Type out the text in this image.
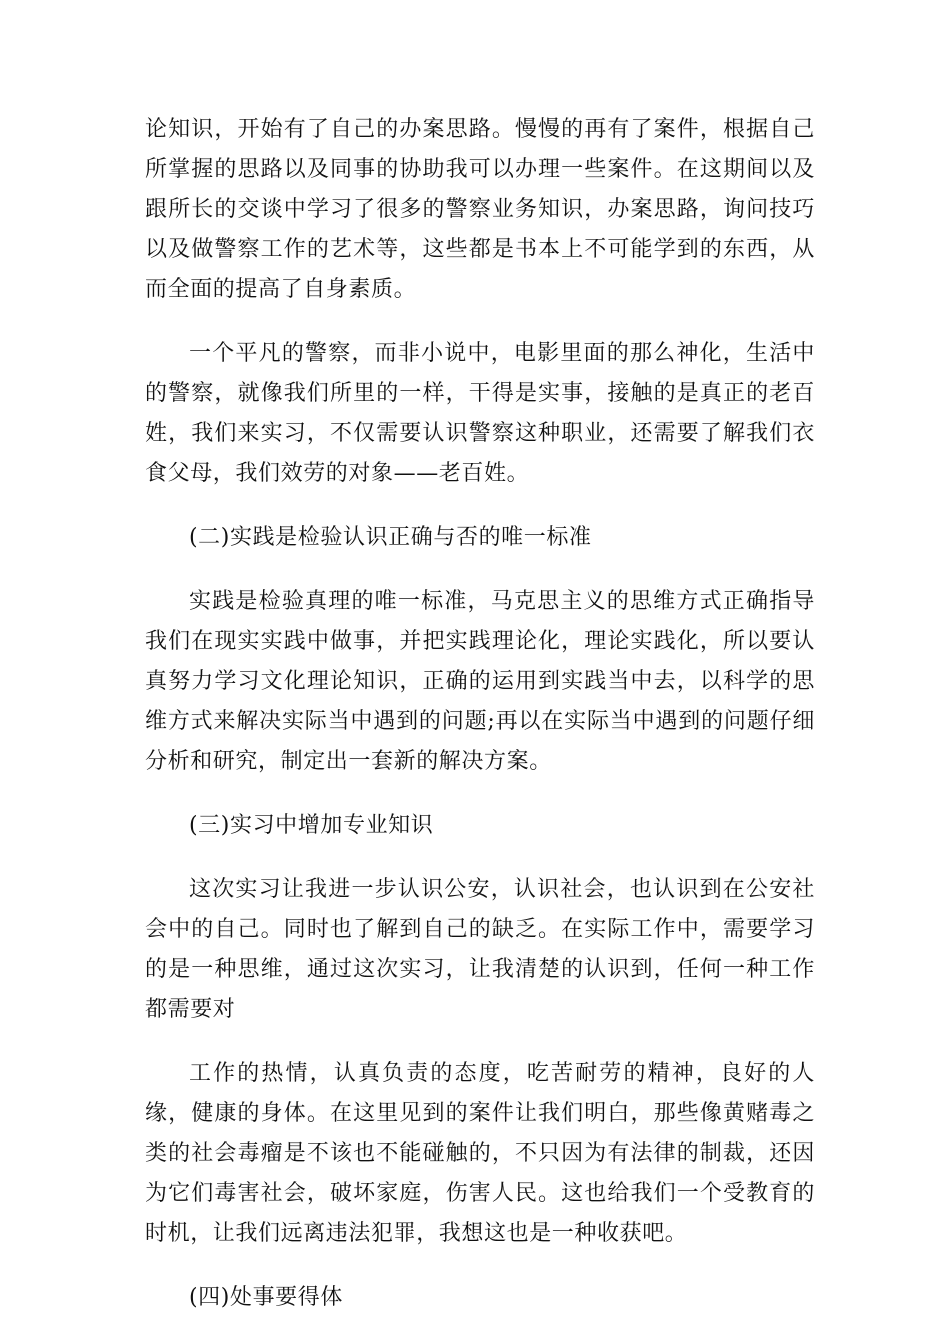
论知识，开始有了自己的办案思路。慢慢的再有了案件，根据自己所掌握的思路以及同事的协助我可以办理一些案件。在这期间以及跟所长的交谈中学习了很多的警察业务知识，办案思路，询问技巧以及做警察工作的艺术等，这些都是书本上不可能学到的东西，从而全面的提高了自身素质。

一个平凡的警察，而非小说中，电影里面的那么神化，生活中的警察，就像我们所里的一样，干得是实事，接触的是真正的老百姓，我们来实习，不仅需要认识警察这种职业，还需要了解我们衣食父母，我们效劳的对象——老百姓。

(二)实践是检验认识正确与否的唯一标准

实践是检验真理的唯一标准，马克思主义的思维方式正确指导我们在现实实践中做事，并把实践理论化，理论实践化，所以要认真努力学习文化理论知识，正确的运用到实践当中去，以科学的思维方式来解决实际当中遇到的问题;再以在实际当中遇到的问题仔细分析和研究，制定出一套新的解决方案。

(三)实习中增加专业知识

这次实习让我进一步认识公安，认识社会，也认识到在公安社会中的自己。同时也了解到自己的缺乏。在实际工作中，需要学习的是一种思维，通过这次实习，让我清楚的认识到，任何一种工作都需要对

工作的热情，认真负责的态度，吃苦耐劳的精神，良好的人缘，健康的身体。在这里见到的案件让我们明白，那些像黄赌毒之类的社会毒瘤是不该也不能碰触的，不只因为有法律的制裁，还因为它们毒害社会，破坏家庭，伤害人民。这也给我们一个受教育的时机，让我们远离违法犯罪，我想这也是一种收获吧。

(四)处事要得体
